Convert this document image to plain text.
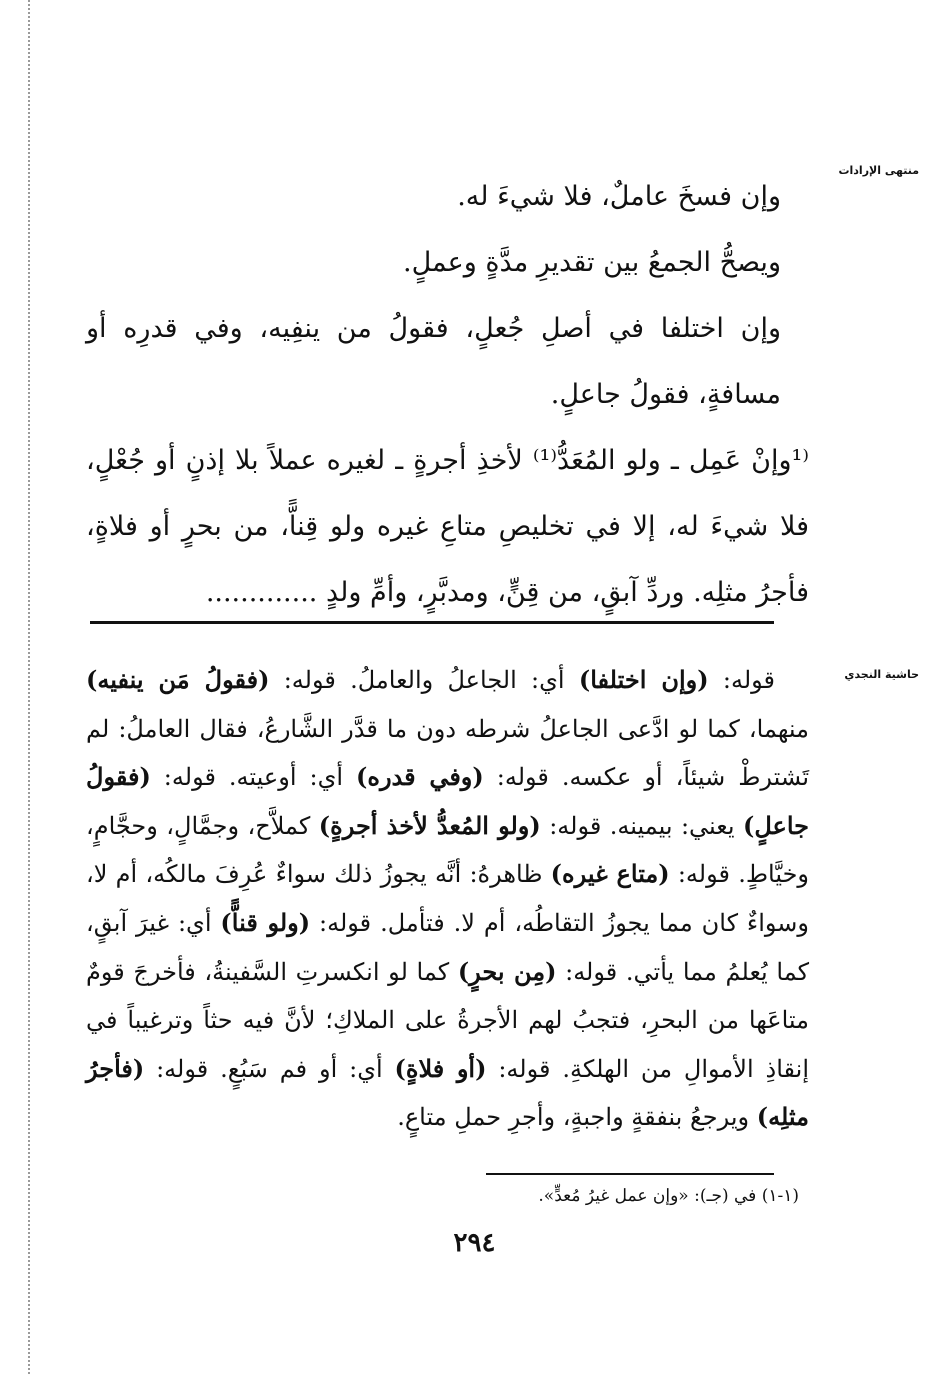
منتهى الإرادات
حاشية النجدي

وإن فسخَ عاملٌ، فلا شيءَ له.

ويصحُّ الجمعُ بين تقديرِ مدَّةٍ وعملٍ.

وإن اختلفا في أصلِ جُعلٍ، فقولُ من ينفِيه، وفي قدرِه أو مسافةٍ، فقولُ جاعلٍ.

⁽¹وإنْ عَمِل ـ ولو المُعَدُّ⁽¹⁾ لأخذِ أجرةٍ ـ لغيره عملاً بلا إذنٍ أو جُعْلٍ، فلا شيءَ له، إلا في تخليصِ متاعِ غيره ولو قِناًّ، من بحرٍ أو فلاةٍ، فأجرُ مثلِه. وردِّ آبقٍ، من قِنٍّ، ومدبَّرٍ، وأمِّ ولدٍ .............

قوله: (وإن اختلفا) أي: الجاعلُ والعاملُ. قوله: (فقولُ مَن ينفيه) منهما، كما لو ادَّعى الجاعلُ شرطه دون ما قدَّر الشَّارعُ، فقال العاملُ: لم تَشترطْ شيئاً، أو عكسه. قوله: (وفي قدره) أي: أوعيته. قوله: (فقولُ جاعلٍ) يعني: بيمينه. قوله: (ولو المُعدُّ لأخذ أجرةٍ) كملاَّح، وجمَّالٍ، وحجَّامٍ، وخيَّاطٍ. قوله: (متاع غيره) ظاهرهُ: أنَّه يجوزُ ذلك سواءٌ عُرِفَ مالكُه، أم لا، وسواءٌ كان مما يجوزُ التقاطُه، أم لا. فتأمل. قوله: (ولو قناًّ) أي: غيرَ آبقٍ، كما يُعلمُ مما يأتي. قوله: (مِن بحرٍ) كما لو انكسرتِ السَّفينةُ، فأخرجَ قومٌ متاعَها من البحرِ، فتجبُ لهم الأجرةُ على الملاكِ؛ لأنَّ فيه حثاً وترغيباً في إنقاذِ الأموالِ من الهلكةِ. قوله: (أو فلاةٍ) أي: أو فم سَبُعٍ. قوله: (فأجرُ مثلِه) ويرجعُ بنفقةٍ واجبةٍ، وأجرِ حملِ متاعٍ.

(١-١) في (جـ): «وإن عمل غيرُ مُعدٍّ».
٢٩٤
